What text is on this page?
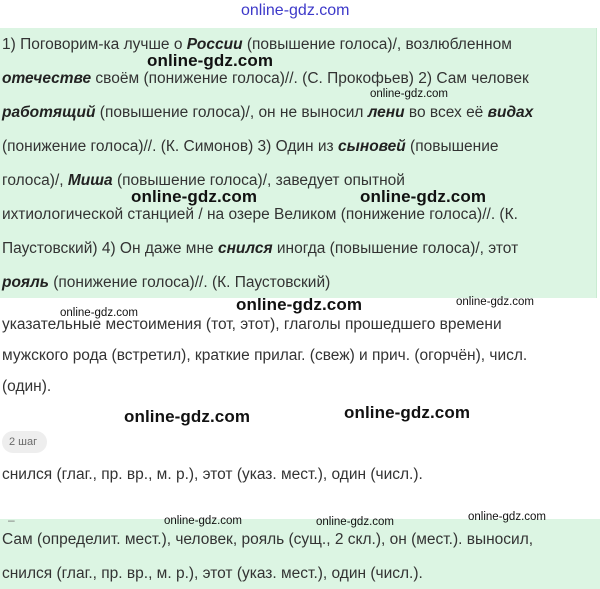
1) Поговорим-ка лучше о России (повышение голоса)/, возлюбленном
отечестве своём (понижение голоса)//. (С. Прокофьев) 2) Сам человек
работящий (повышение голоса)/, он не выносил лени во всех её видах
(понижение голоса)//. (К. Симонов) 3) Один из сыновей (повышение
голоса)/, Миша (повышение голоса)/, заведует опытной
ихтиологической станцией / на озере Великом (понижение голоса)//. (К.
Паустовский) 4) Он даже мне снился иногда (повышение голоса)/, этот
рояль (понижение голоса)//. (К. Паустовский)
указательные местоимения (тот, этот), глаголы прошедшего времени
мужского рода (встретил), краткие прилаг. (свеж) и прич. (огорчён), числ.
(один).
снился (глаг., пр. вр., м. р.), этот (указ. мест.), один (числ.).
Сам (определит. мест.), человек, рояль (сущ., 2 скл.), он (мест.). выносил,
снился (глаг., пр. вр., м. р.), этот (указ. мест.), один (числ.).
2 шаг
–
online-gdz.com
online-gdz.com
online-gdz.com
online-gdz.com	online-gdz.com
online-gdz.com	online-gdz.com	online-gdz.com
online-gdz.com	online-gdz.com
online-gdz.com	online-gdz.com	online-gdz.com
